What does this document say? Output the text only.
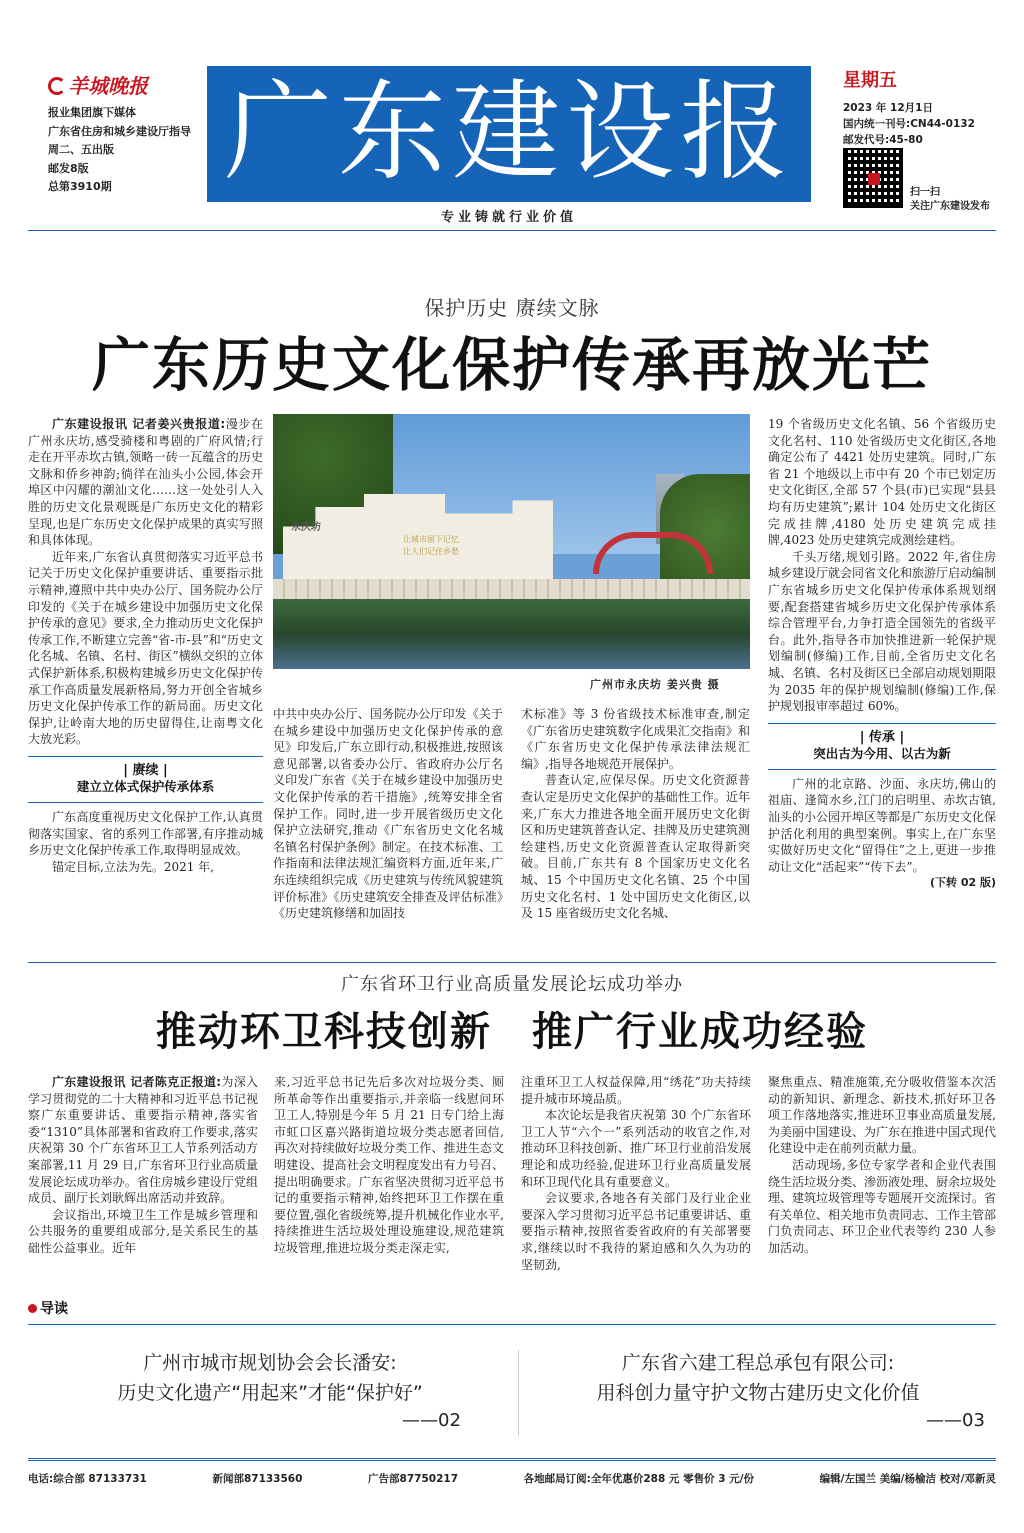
羊城晚报
报业集团旗下媒体
广东省住房和城乡建设厅指导
周二、五出版
邮发8版
总第3910期	广东建设报
专业铸就行业价值
星期五
2023 年 12月1日
国内统一刊号:CN44-0132
邮发代号:45-80
扫一扫
关注广东建设发布
保护历史 赓续文脉
广东历史文化保护传承再放光芒

广东建设报讯 记者姜兴贵报道:漫步在广州永庆坊,感受骑楼和粤剧的广府风情;行走在开平赤坎古镇,领略一砖一瓦蕴含的历史文脉和侨乡神韵;徜徉在汕头小公园,体会开埠区中闪耀的潮汕文化……这一处处引人入胜的历史文化景观既是广东历史文化的精彩呈现,也是广东历史文化保护成果的真实写照和具体体现。

近年来,广东省认真贯彻落实习近平总书记关于历史文化保护重要讲话、重要指示批示精神,遵照中共中央办公厅、国务院办公厅印发的《关于在城乡建设中加强历史文化保护传承的意见》要求,全力推动历史文化保护传承工作,不断建立完善“省-市-县”和“历史文化名城、名镇、名村、街区”横纵交织的立体式保护新体系,积极构建城乡历史文化保护传承工作高质量发展新格局,努力开创全省城乡历史文化保护传承工作的新局面。历史文化保护,让岭南大地的历史留得住,让南粤文化大放光彩。

| 赓续 |
建立立体式保护传承体系

广东高度重视历史文化保护工作,认真贯彻落实国家、省的系列工作部署,有序推动城乡历史文化保护传承工作,取得明显成效。

锚定目标,立法为先。2021 年,

永庆坊
让城市留下记忆
让人们记住乡愁
广州市永庆坊 姜兴贵 摄

中共中央办公厅、国务院办公厅印发《关于在城乡建设中加强历史文化保护传承的意见》印发后,广东立即行动,积极推进,按照该意见部署,以省委办公厅、省政府办公厅名义印发广东省《关于在城乡建设中加强历史文化保护传承的若干措施》,统筹安排全省保护工作。同时,进一步开展省级历史文化保护立法研究,推动《广东省历史文化名城名镇名村保护条例》制定。在技术标准、工作指南和法律法规汇编资料方面,近年来,广东连续组织完成《历史建筑与传统风貌建筑评价标准》《历史建筑安全排查及评估标准》《历史建筑修缮和加固技

术标准》等 3 份省级技术标准审查,制定《广东省历史建筑数字化成果汇交指南》和《广东省历史文化保护传承法律法规汇编》,指导各地规范开展保护。

普查认定,应保尽保。历史文化资源普查认定是历史文化保护的基础性工作。近年来,广东大力推进各地全面开展历史文化街区和历史建筑普查认定、挂牌及历史建筑测绘建档,历史文化资源普查认定取得新突破。目前,广东共有 8 个国家历史文化名城、15 个中国历史文化名镇、25 个中国历史文化名村、1 处中国历史文化街区,以及 15 座省级历史文化名城、

19 个省级历史文化名镇、56 个省级历史文化名村、110 处省级历史文化街区,各地确定公布了 4421 处历史建筑。同时,广东省 21 个地级以上市中有 20 个市已划定历史文化街区,全部 57 个县(市)已实现“县县均有历史建筑”;累计 104 处历史文化街区完成挂牌,4180 处历史建筑完成挂牌,4023 处历史建筑完成测绘建档。

千头万绪,规划引路。2022 年,省住房城乡建设厅就会同省文化和旅游厅启动编制广东省城乡历史文化保护传承体系规划纲要,配套搭建省城乡历史文化保护传承体系综合管理平台,力争打造全国领先的省级平台。此外,指导各市加快推进新一轮保护规划编制(修编)工作,目前,全省历史文化名城、名镇、名村及街区已全部启动规划期限为 2035 年的保护规划编制(修编)工作,保护规划报审率超过 60%。

| 传承 |
突出古为今用、以古为新

广州的北京路、沙面、永庆坊,佛山的祖庙、逢简水乡,江门的启明里、赤坎古镇,汕头的小公园开埠区等都是广东历史文化保护活化利用的典型案例。事实上,在广东坚实做好历史文化“留得住”之上,更进一步推动让文化“活起来”“传下去”。

(下转 02 版)
广东省环卫行业高质量发展论坛成功举办
推动环卫科技创新 推广行业成功经验

广东建设报讯 记者陈克正报道:为深入学习贯彻党的二十大精神和习近平总书记视察广东重要讲话、重要指示精神,落实省委“1310”具体部署和省政府工作要求,落实庆祝第 30 个广东省环卫工人节系列活动方案部署,11 月 29 日,广东省环卫行业高质量发展论坛成功举办。省住房城乡建设厅党组成员、副厅长刘耿辉出席活动并致辞。

会议指出,环境卫生工作是城乡管理和公共服务的重要组成部分,是关系民生的基础性公益事业。近年

来,习近平总书记先后多次对垃圾分类、厕所革命等作出重要指示,并亲临一线慰问环卫工人,特别是今年 5 月 21 日专门给上海市虹口区嘉兴路街道垃圾分类志愿者回信,再次对持续做好垃圾分类工作、推进生态文明建设、提高社会文明程度发出有力号召、提出明确要求。广东省坚决贯彻习近平总书记的重要指示精神,始终把环卫工作摆在重要位置,强化省级统筹,提升机械化作业水平,持续推进生活垃圾处理设施建设,规范建筑垃圾管理,推进垃圾分类走深走实,

注重环卫工人权益保障,用“绣花”功夫持续提升城市环境品质。

本次论坛是我省庆祝第 30 个广东省环卫工人节“六个一”系列活动的收官之作,对推动环卫科技创新、推广环卫行业前沿发展理论和成功经验,促进环卫行业高质量发展和环卫现代化具有重要意义。

会议要求,各地各有关部门及行业企业要深入学习贯彻习近平总书记重要讲话、重要指示精神,按照省委省政府的有关部署要求,继续以时不我待的紧迫感和久久为功的坚韧劲,

聚焦重点、精准施策,充分吸收借鉴本次活动的新知识、新理念、新技术,抓好环卫各项工作落地落实,推进环卫事业高质量发展,为美丽中国建设、为广东在推进中国式现代化建设中走在前列贡献力量。

活动现场,多位专家学者和企业代表围绕生活垃圾分类、渗沥液处理、厨余垃圾处理、建筑垃圾管理等专题展开交流探讨。省有关单位、相关地市负责同志、工作主管部门负责同志、环卫企业代表等约 230 人参加活动。

导读
广州市城市规划协会会长潘安:
历史文化遗产“用起来”才能“保护好”
——02
广东省六建工程总承包有限公司:
用科创力量守护文物古建历史文化价值
——03
电话:综合部 87133731	新闻部87133560	广告部87750217	各地邮局订阅:全年优惠价288 元 零售价 3 元/份	编辑/左国兰 美编/杨榆洁 校对/邓新灵
